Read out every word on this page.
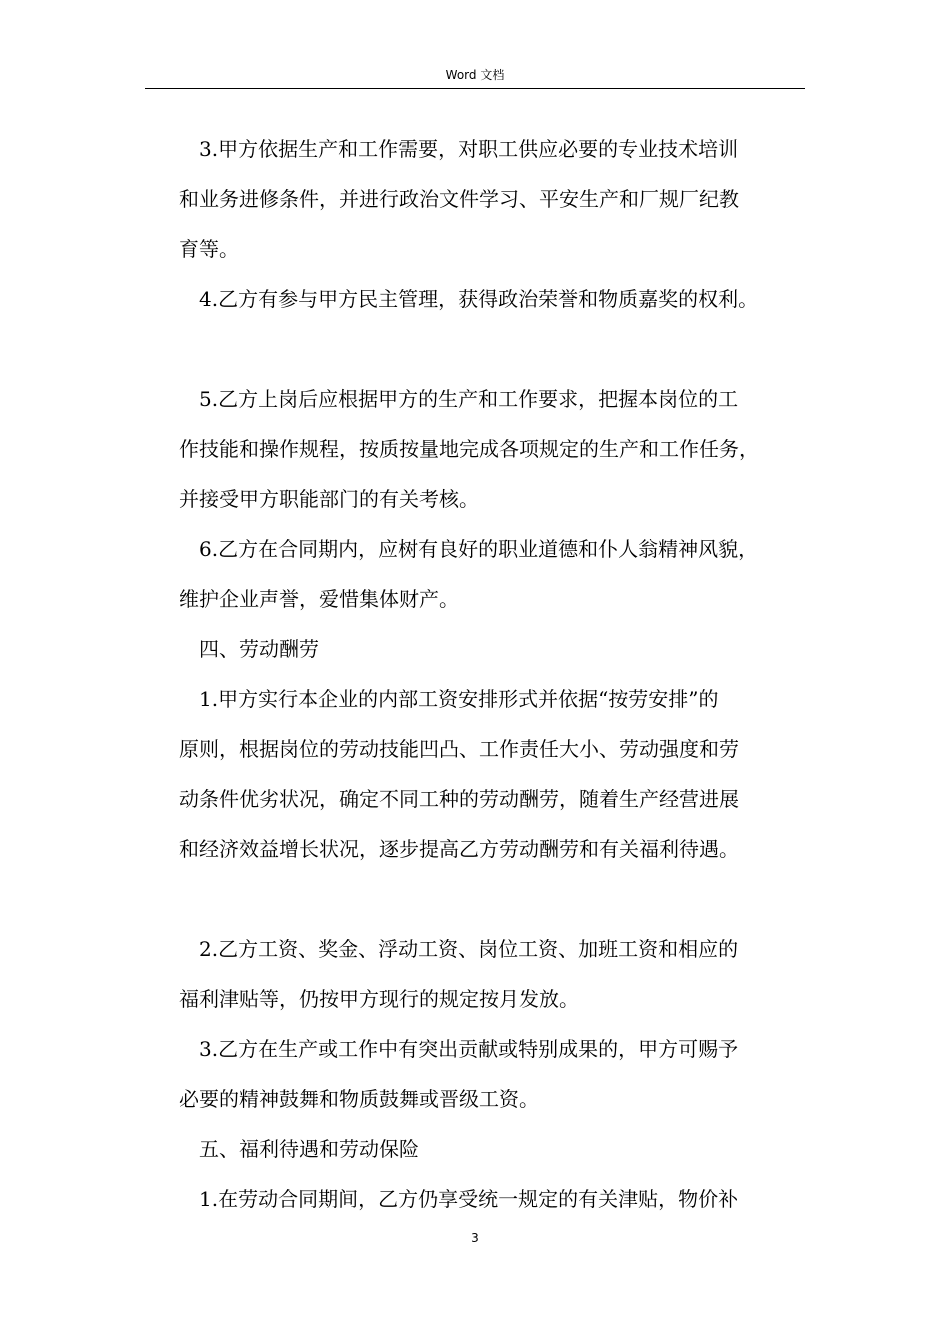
Word 文档
3.甲方依据生产和工作需要，对职工供应必要的专业技术培训
和业务进修条件，并进行政治文件学习、平安生产和厂规厂纪教
育等。
4.乙方有参与甲方民主管理，获得政治荣誉和物质嘉奖的权利。
5.乙方上岗后应根据甲方的生产和工作要求，把握本岗位的工
作技能和操作规程，按质按量地完成各项规定的生产和工作任务，
并接受甲方职能部门的有关考核。
6.乙方在合同期内，应树有良好的职业道德和仆人翁精神风貌，
维护企业声誉，爱惜集体财产。
四、劳动酬劳
1.甲方实行本企业的内部工资安排形式并依据“按劳安排”的
原则，根据岗位的劳动技能凹凸、工作责任大小、劳动强度和劳
动条件优劣状况，确定不同工种的劳动酬劳，随着生产经营进展
和经济效益增长状况，逐步提高乙方劳动酬劳和有关福利待遇。
2.乙方工资、奖金、浮动工资、岗位工资、加班工资和相应的
福利津贴等，仍按甲方现行的规定按月发放。
3.乙方在生产或工作中有突出贡献或特别成果的，甲方可赐予
必要的精神鼓舞和物质鼓舞或晋级工资。
五、福利待遇和劳动保险
1.在劳动合同期间，乙方仍享受统一规定的有关津贴，物价补
3
